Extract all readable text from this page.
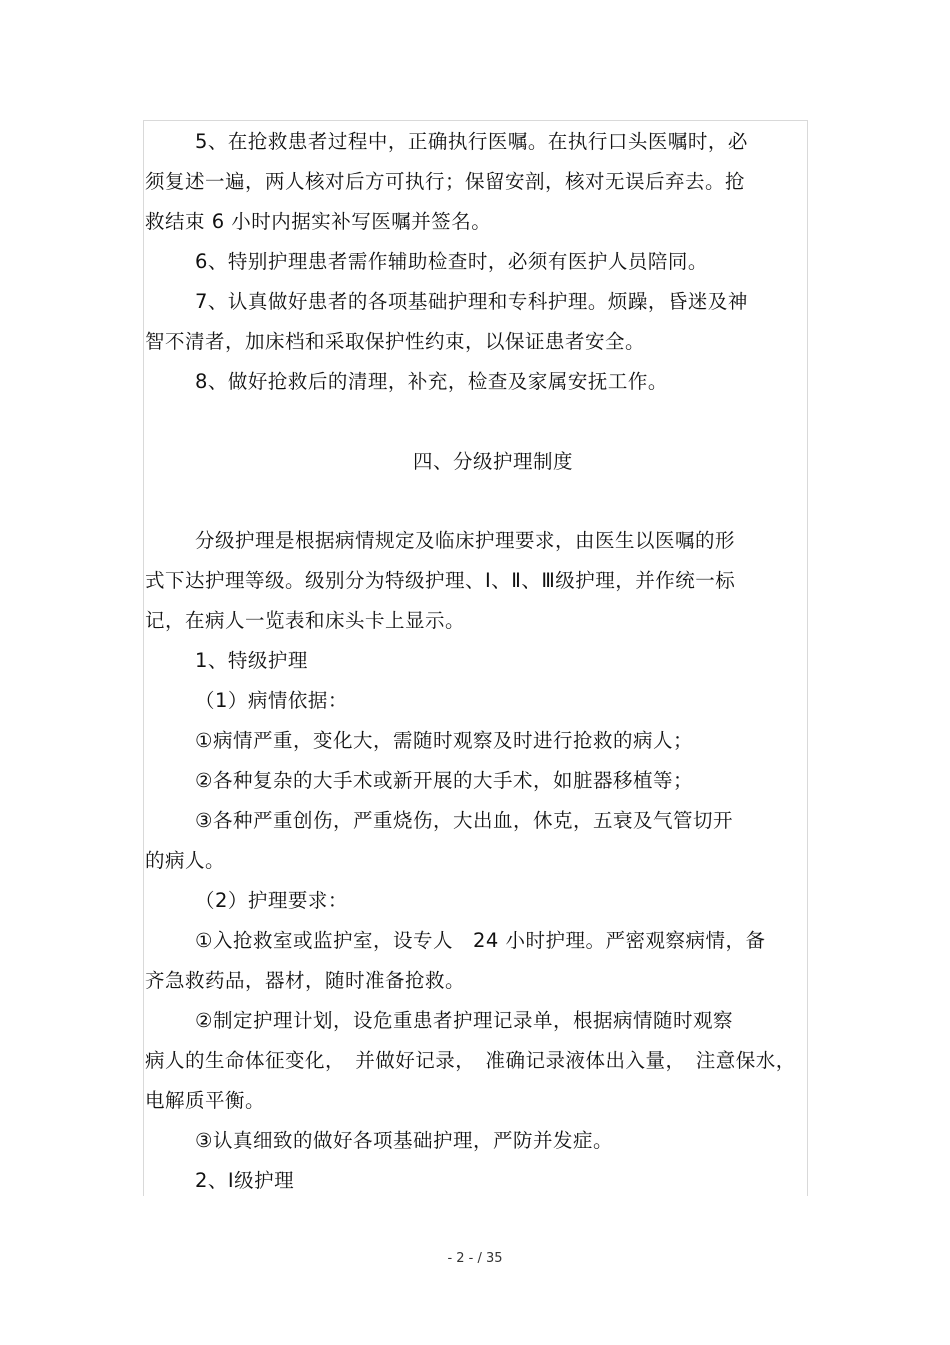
5、在抢救患者过程中，正确执行医嘱。在执行口头医嘱时，必
须复述一遍，两人核对后方可执行；保留安剖，核对无误后弃去。抢
救结束 6 小时内据实补写医嘱并签名。
6、特别护理患者需作辅助检查时，必须有医护人员陪同。
7、认真做好患者的各项基础护理和专科护理。烦躁，昏迷及神
智不清者，加床档和采取保护性约束，以保证患者安全。
8、做好抢救后的清理，补充，检查及家属安抚工作。
四、分级护理制度
分级护理是根据病情规定及临床护理要求，由医生以医嘱的形
式下达护理等级。级别分为特级护理、Ⅰ、Ⅱ、Ⅲ级护理，并作统一标
记，在病人一览表和床头卡上显示。
1、特级护理
（1）病情依据：
①病情严重，变化大，需随时观察及时进行抢救的病人；
②各种复杂的大手术或新开展的大手术，如脏器移植等；
③各种严重创伤，严重烧伤，大出血，休克，五衰及气管切开
的病人。
（2）护理要求：
①入抢救室或监护室，设专人　24 小时护理。严密观察病情，备
齐急救药品，器材，随时准备抢救。
②制定护理计划，设危重患者护理记录单，根据病情随时观察
病人的生命体征变化，　并做好记录，　准确记录液体出入量，　注意保水，
电解质平衡。
③认真细致的做好各项基础护理，严防并发症。
2、Ⅰ级护理
- 2 - / 35
